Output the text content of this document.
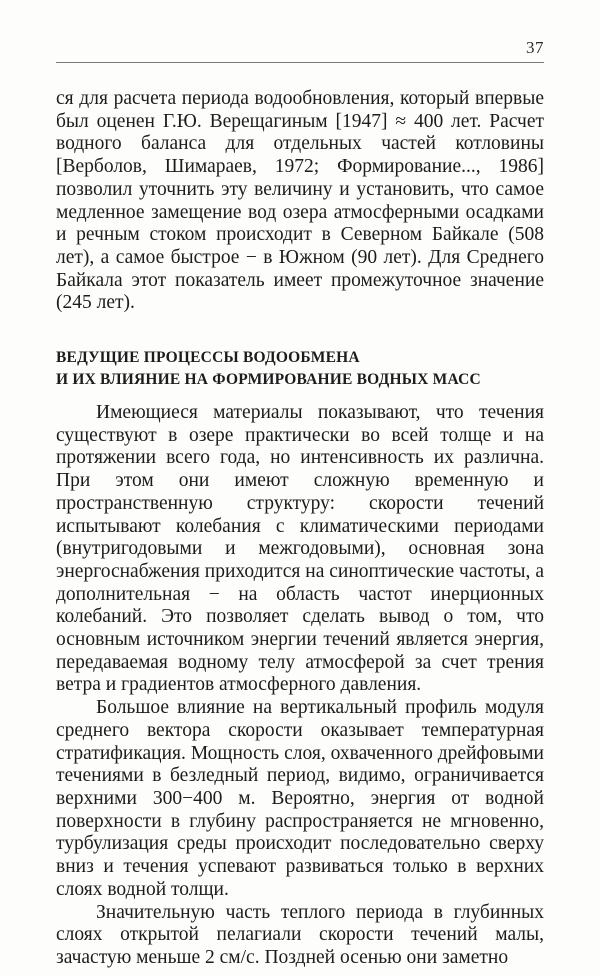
37

ся для расчета периода водообновления, который впервые был оценен Г.Ю. Верещагиным [1947] ≈ 400 лет. Расчет водного баланса для отдельных частей котловины [Верболов, Шимараев, 1972; Формирование..., 1986] позволил уточнить эту величину и установить, что самое медленное замещение вод озера атмосферными осадками и речным стоком происходит в Северном Байкале (508 лет), а самое быстрое − в Южном (90 лет). Для Среднего Байкала этот показатель имеет промежуточное значение (245 лет).

ВЕДУЩИЕ ПРОЦЕССЫ ВОДООБМЕНА

И ИХ ВЛИЯНИЕ НА ФОРМИРОВАНИЕ ВОДНЫХ МАСС

Имеющиеся материалы показывают, что течения существуют в озере практически во всей толще и на протяжении всего года, но интенсивность их различна. При этом они имеют сложную временную и пространственную структуру: скорости течений испытывают колебания с климатическими периодами (внутригодовыми и межгодовыми), основная зона энергоснабжения приходится на синоптические частоты, а дополнительная − на область частот инерционных колебаний. Это позволяет сделать вывод о том, что основным источником энергии течений является энергия, передаваемая водному телу атмосферой за счет трения ветра и градиентов атмосферного давления.

Большое влияние на вертикальный профиль модуля среднего вектора скорости оказывает температурная стратификация. Мощность слоя, охваченного дрейфовыми течениями в безледный период, видимо, ограничивается верхними 300−400 м. Вероятно, энергия от водной поверхности в глубину распространяется не мгновенно, турбулизация среды происходит последовательно сверху вниз и течения успевают развиваться только в верхних слоях водной толщи.

Значительную часть теплого периода в глубинных слоях открытой пелагиали скорости течений малы, зачастую меньше 2 см/с. Поздней осенью они заметно
